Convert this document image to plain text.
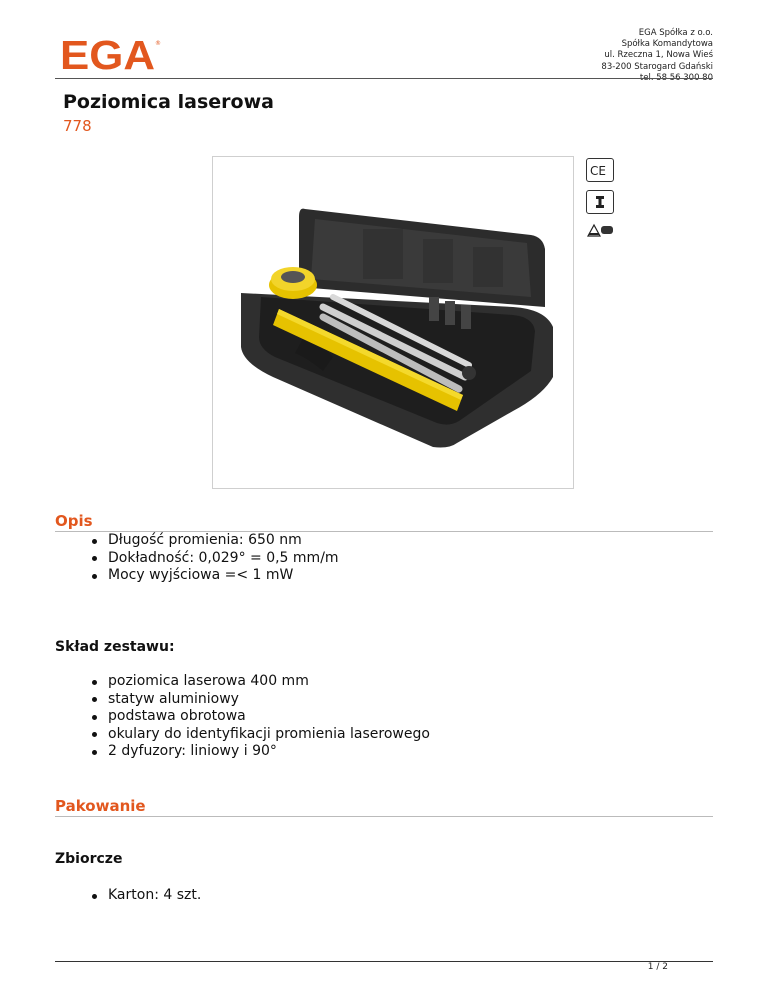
EGA ®
EGA Spółka z o.o.
Spółka Komandytowa
ul. Rzeczna 1, Nowa Wieś
83-200 Starogard Gdański
tel. 58 56 300 80
Poziomica laserowa
778
CE
Opis
Długość promienia: 650 nm
Dokładność: 0,029° = 0,5 mm/m
Mocy wyjściowa =< 1 mW
Skład zestawu:
poziomica laserowa 400 mm
statyw aluminiowy
podstawa obrotowa
okulary do identyfikacji promienia laserowego
2 dyfuzory: liniowy i 90°
Pakowanie
Zbiorcze
Karton: 4 szt.
1 / 2
